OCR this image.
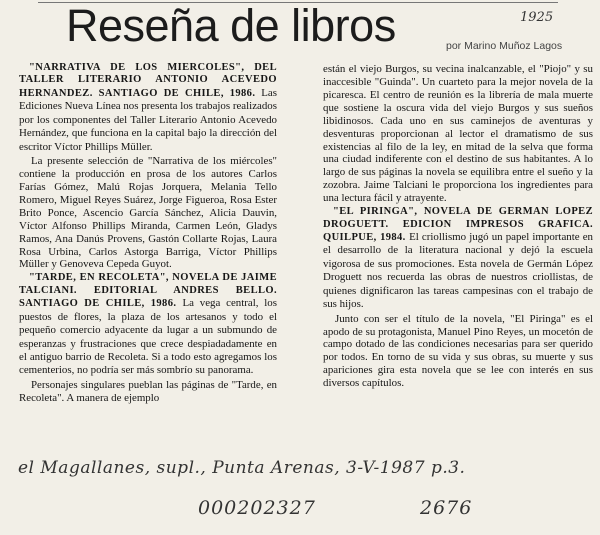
Reseña de libros	1925
por Marino Muñoz Lagos

"NARRATIVA DE LOS MIERCOLES", DEL TALLER LITERARIO ANTONIO ACEVEDO HERNANDEZ. SANTIAGO DE CHILE, 1986. Las Ediciones Nueva Línea nos presenta los trabajos realizados por los componentes del Taller Literario Antonio Acevedo Hernández, que funciona en la capital bajo la dirección del escritor Víctor Phillips Müller.

La presente selección de "Narrativa de los miércoles" contiene la producción en prosa de los autores Carlos Farías Gómez, Malú Rojas Jorquera, Melania Tello Romero, Miguel Reyes Suárez, Jorge Figueroa, Rosa Ester Brito Ponce, Ascencio García Sánchez, Alicia Dauvin, Víctor Alfonso Phillips Miranda, Carmen León, Gladys Ramos, Ana Danús Provens, Gastón Collarte Rojas, Laura Rosa Urbina, Carlos Astorga Barriga, Víctor Phillips Müller y Genoveva Cepeda Guyot.

"TARDE, EN RECOLETA", NOVELA DE JAIME TALCIANI. EDITORIAL ANDRES BELLO. SANTIAGO DE CHILE, 1986. La vega central, los puestos de flores, la plaza de los artesanos y todo el pequeño comercio adyacente da lugar a un submundo de esperanzas y frustraciones que crece despiadadamente en el antiguo barrio de Recoleta. Si a todo esto agregamos los cementerios, no podría ser más sombrío su panorama.

Personajes singulares pueblan las páginas de "Tarde, en Recoleta". A manera de ejemplo

están el viejo Burgos, su vecina inalcanzable, el "Piojo" y su inaccesible "Guinda". Un cuarteto para la mejor novela de la picaresca. El centro de reunión es la librería de mala muerte que sostiene la oscura vida del viejo Burgos y sus sueños libidinosos. Cada uno en sus caminejos de aventuras y desventuras proporcionan al lector el dramatismo de sus existencias al filo de la ley, en mitad de la selva que forma una ciudad indiferente con el destino de sus habitantes. A lo largo de sus páginas la novela se equilibra entre el sueño y la zozobra. Jaime Talciani le proporciona los ingredientes para una lectura fácil y atrayente.

"EL PIRINGA", NOVELA DE GERMAN LOPEZ DROGUETT. EDICION IMPRESOS GRAFICA. QUILPUE, 1984. El criollismo jugó un papel importante en el desarrollo de la literatura nacional y dejó la escuela vigorosa de sus promociones. Esta novela de Germán López Droguett nos recuerda las obras de nuestros criollistas, de quienes dignificaron las tareas campesinas con el trabajo de sus hijos.

Junto con ser el título de la novela, "El Piringa" es el apodo de su protagonista, Manuel Pino Reyes, un mocetón de campo dotado de las condiciones necesarias para ser querido por todos. En torno de su vida y sus obras, su muerte y sus apariciones gira esta novela que se lee con interés en sus diversos capítulos.

el Magallanes, supl., Punta Arenas, 3-V-1987 p.3.
000202327	2676
